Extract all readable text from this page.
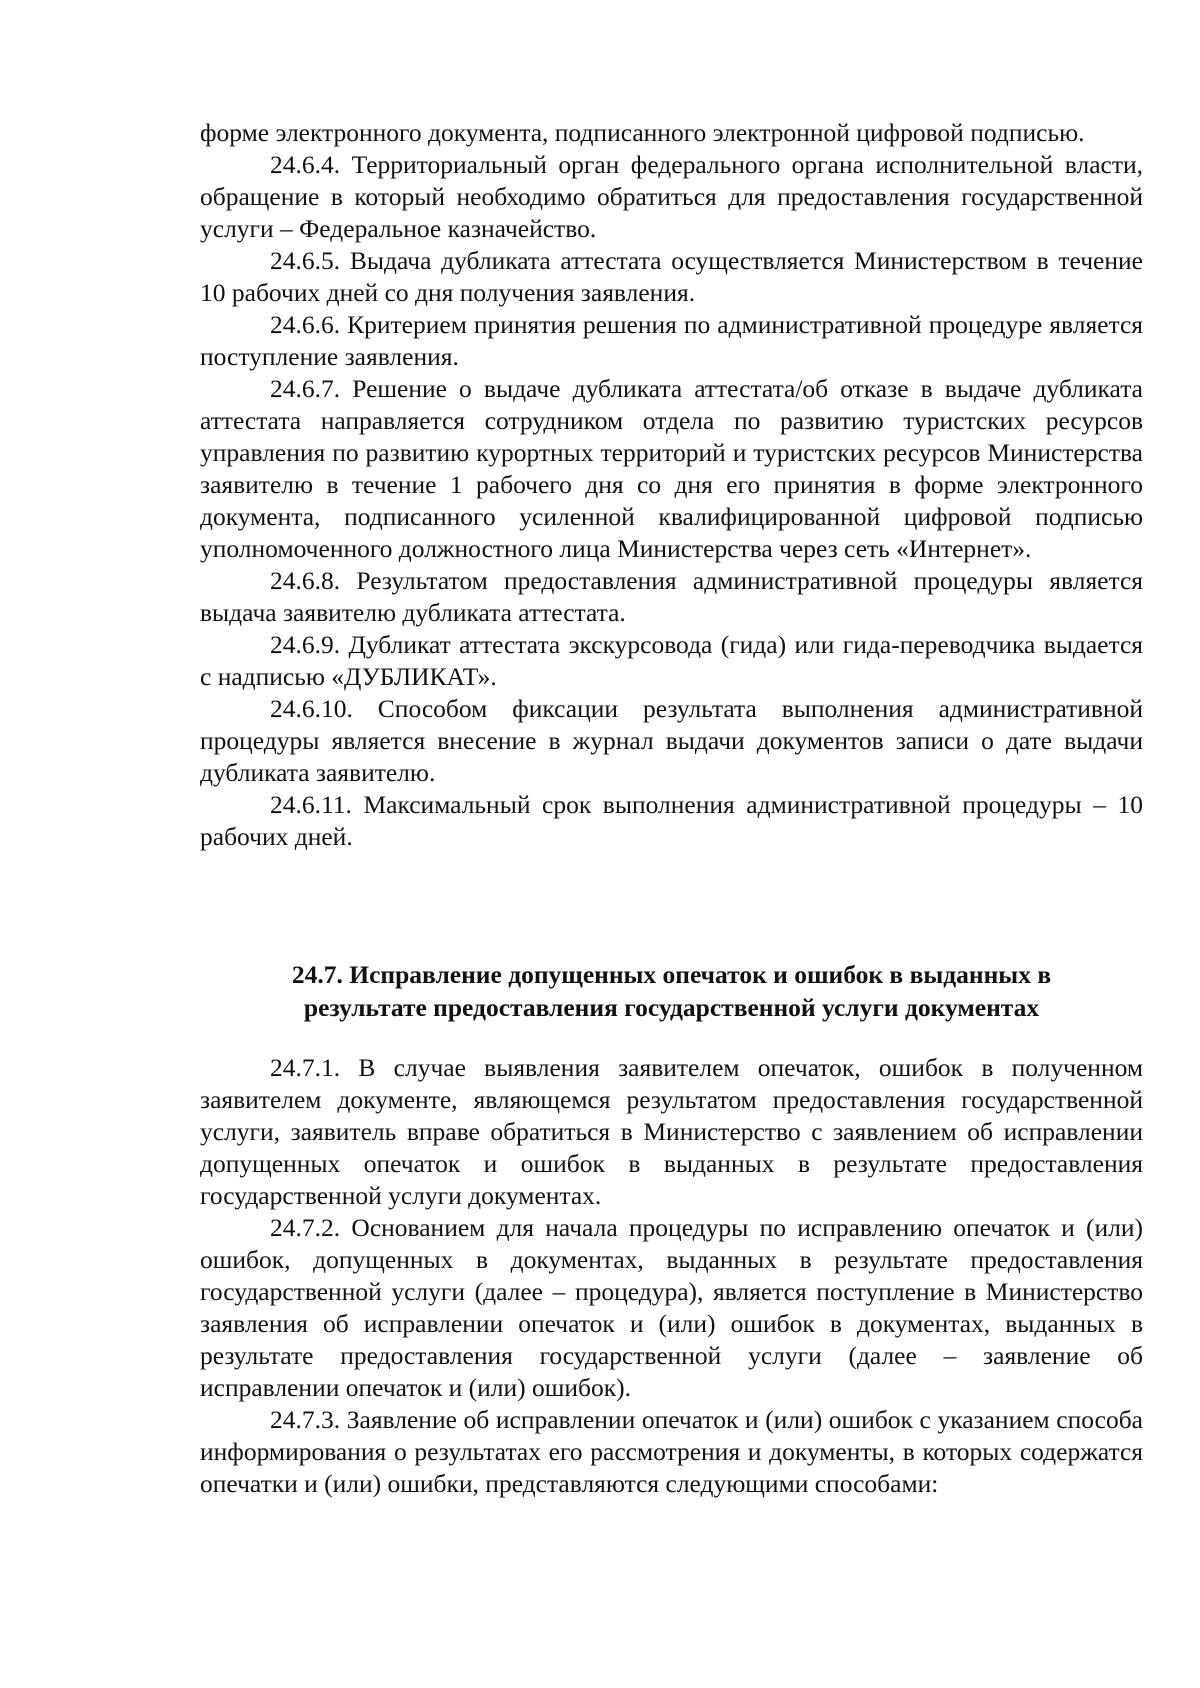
форме электронного документа, подписанного электронной цифровой подписью.

24.6.4. Территориальный орган федерального органа исполнительной власти, обращение в который необходимо обратиться для предоставления государственной услуги – Федеральное казначейство.

24.6.5. Выдача дубликата аттестата осуществляется Министерством в течение 10 рабочих дней со дня получения заявления.

24.6.6. Критерием принятия решения по административной процедуре является поступление заявления.

24.6.7. Решение о выдаче дубликата аттестата/об отказе в выдаче дубликата аттестата направляется сотрудником отдела по развитию туристских ресурсов управления по развитию курортных территорий и туристских ресурсов Министерства заявителю в течение 1 рабочего дня со дня его принятия в форме электронного документа, подписанного усиленной квалифицированной цифровой подписью уполномоченного должностного лица Министерства через сеть «Интернет».

24.6.8. Результатом предоставления административной процедуры является выдача заявителю дубликата аттестата.

24.6.9. Дубликат аттестата экскурсовода (гида) или гида-переводчика выдается с надписью «ДУБЛИКАТ».

24.6.10. Способом фиксации результата выполнения административной процедуры является внесение в журнал выдачи документов записи о дате выдачи дубликата заявителю.

24.6.11. Максимальный срок выполнения административной процедуры – 10 рабочих дней.

24.7. Исправление допущенных опечаток и ошибок в выданных в
результате предоставления государственной услуги документах

24.7.1. В случае выявления заявителем опечаток, ошибок в полученном заявителем документе, являющемся результатом предоставления государственной услуги, заявитель вправе обратиться в Министерство с заявлением об исправлении допущенных опечаток и ошибок в выданных в результате предоставления государственной услуги документах.

24.7.2. Основанием для начала процедуры по исправлению опечаток и (или) ошибок, допущенных в документах, выданных в результате предоставления государственной услуги (далее – процедура), является поступление в Министерство заявления об исправлении опечаток и (или) ошибок в документах, выданных в результате предоставления государственной услуги (далее – заявление об исправлении опечаток и (или) ошибок).

24.7.3. Заявление об исправлении опечаток и (или) ошибок с указанием способа информирования о результатах его рассмотрения и документы, в которых содержатся опечатки и (или) ошибки, представляются следующими способами:
